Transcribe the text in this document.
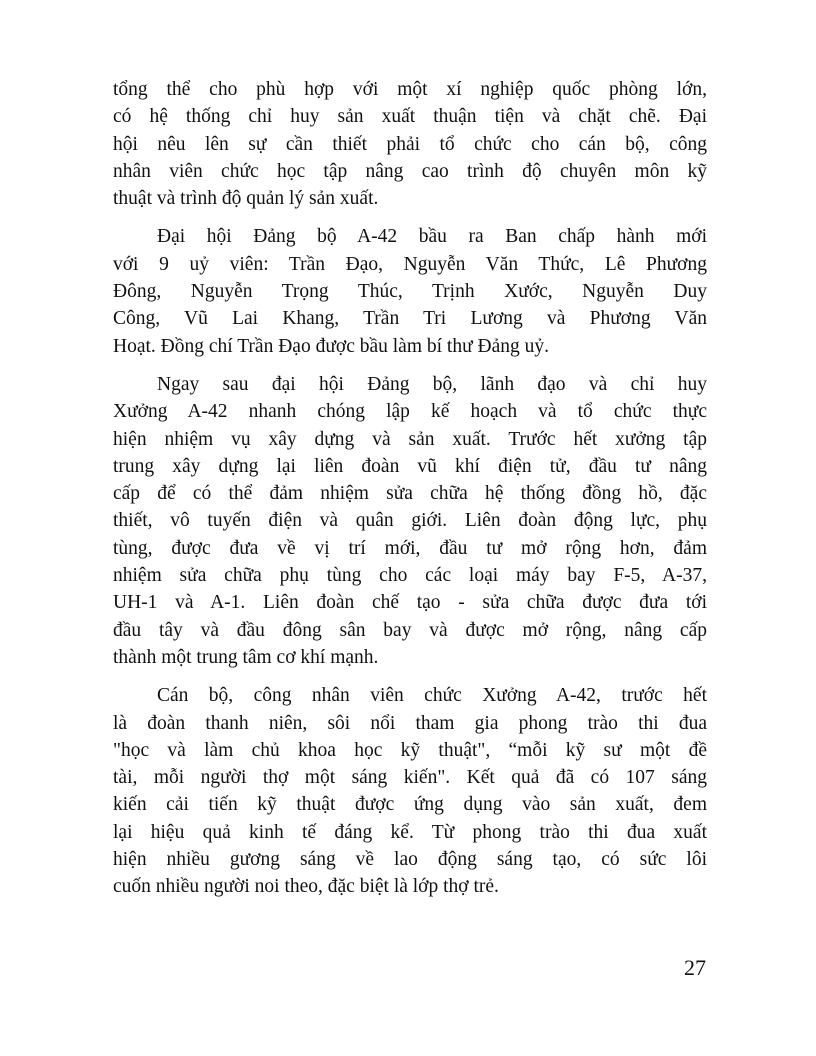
tổng thể cho phù hợp với một xí nghiệp quốc phòng lớn,
có hệ thống chỉ huy sản xuất thuận tiện và chặt chẽ. Đại
hội nêu lên sự cần thiết phải tổ chức cho cán bộ, công
nhân viên chức học tập nâng cao trình độ chuyên môn kỹ
thuật và trình độ quản lý sản xuất.
Đại hội Đảng bộ A-42 bầu ra Ban chấp hành mới
với 9 uỷ viên: Trần Đạo, Nguyễn Văn Thức, Lê Phương
Đông, Nguyễn Trọng Thúc, Trịnh Xước, Nguyễn Duy
Công, Vũ Lai Khang, Trần Tri Lương và Phương Văn
Hoạt. Đồng chí Trần Đạo được bầu làm bí thư Đảng uỷ.
Ngay sau đại hội Đảng bộ, lãnh đạo và chỉ huy
Xưởng A-42 nhanh chóng lập kế hoạch và tổ chức thực
hiện nhiệm vụ xây dựng và sản xuất. Trước hết xưởng tập
trung xây dựng lại liên đoàn vũ khí điện tử, đầu tư nâng
cấp để có thể đảm nhiệm sửa chữa hệ thống đồng hồ, đặc
thiết, vô tuyến điện và quân giới. Liên đoàn động lực, phụ
tùng, được đưa về vị trí mới, đầu tư mở rộng hơn, đảm
nhiệm sửa chữa phụ tùng cho các loại máy bay F-5, A-37,
UH-1 và A-1. Liên đoàn chế tạo - sửa chữa được đưa tới
đầu tây và đầu đông sân bay và được mở rộng, nâng cấp
thành một trung tâm cơ khí mạnh.
Cán bộ, công nhân viên chức Xưởng A-42, trước hết
là đoàn thanh niên, sôi nổi tham gia phong trào thi đua
"học và làm chủ khoa học kỹ thuật", “mỗi kỹ sư một đề
tài, mỗi người thợ một sáng kiến". Kết quả đã có 107 sáng
kiến cải tiến kỹ thuật được ứng dụng vào sản xuất, đem
lại hiệu quả kinh tế đáng kể. Từ phong trào thi đua xuất
hiện nhiều gương sáng về lao động sáng tạo, có sức lôi
cuốn nhiều người noi theo, đặc biệt là lớp thợ trẻ.
27
